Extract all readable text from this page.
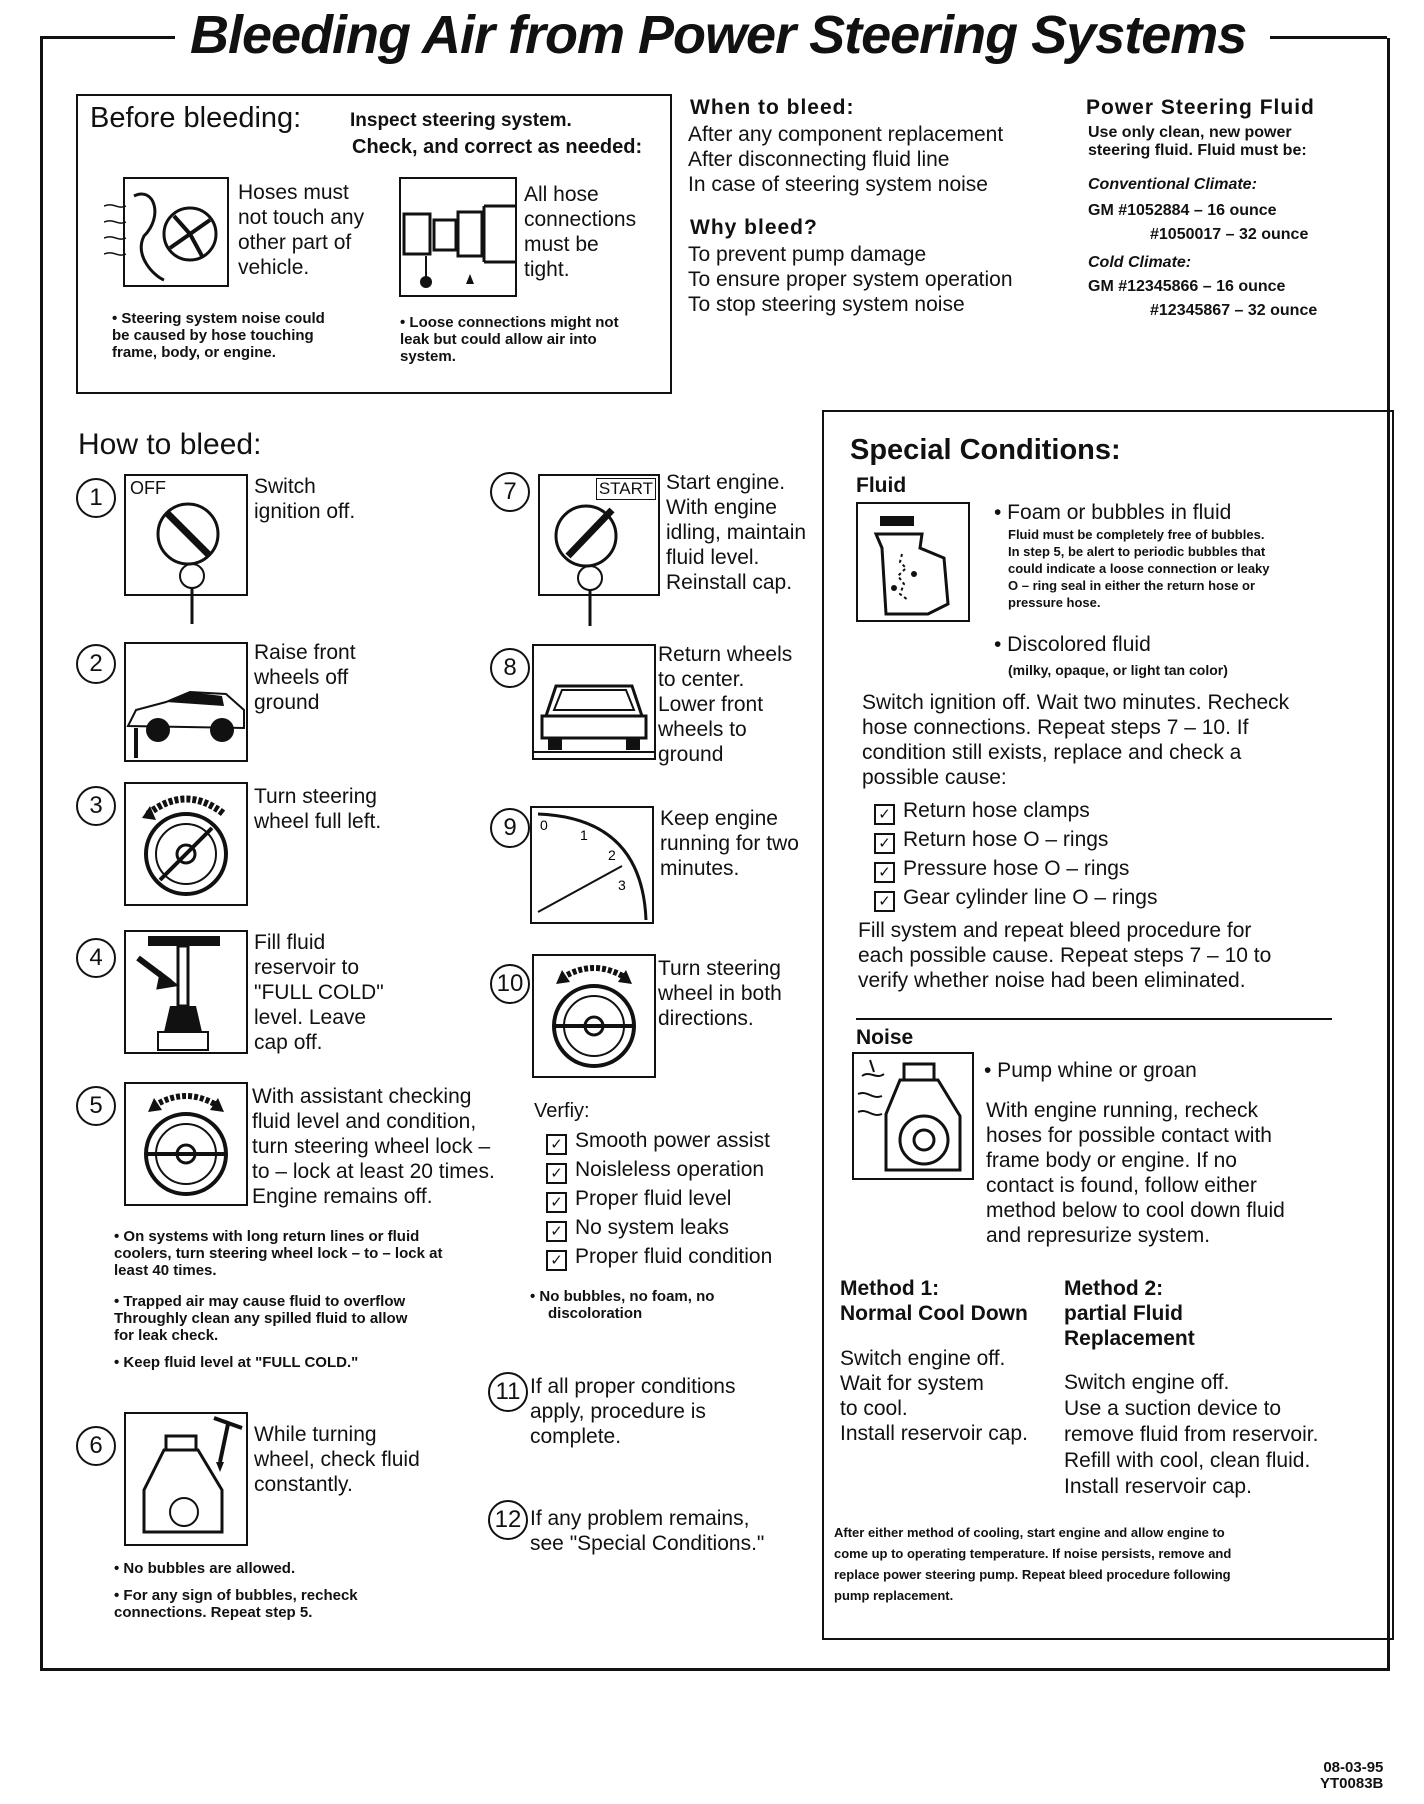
Bleeding Air from Power Steering Systems
Before bleeding:	Inspect steering system.
Check, and correct as needed:
Hoses must
not touch any
other part of
vehicle.
• Steering system noise could
be caused by hose touching
frame, body, or engine.
All hose
connections
must be
tight.
• Loose connections might not
leak but could allow air into
system.
When to bleed:
After any component replacement
After disconnecting fluid line
In case of steering system noise
Why bleed?
To prevent pump damage
To ensure proper system operation
To stop steering system noise
Power Steering Fluid
Use only clean, new power
steering fluid. Fluid must be:
Conventional Climate:
GM #1052884 – 16 ounce
#1050017 – 32 ounce
Cold Climate:
GM #12345866 – 16 ounce
#12345867 – 32 ounce
How to bleed:
1	OFF	Switch
ignition off.
2	Raise front
wheels off
ground
3	Turn steering
wheel full left.
4
Fill fluid
reservoir to
"FULL COLD"
level. Leave
cap off.
5	With assistant checking
fluid level and condition,
turn steering wheel lock –
to – lock at least 20 times.
Engine remains off.
• On systems with long return lines or fluid
coolers, turn steering wheel lock – to – lock at
least 40 times.
• Trapped air may cause fluid to overflow
Throughly clean any spilled fluid to allow
for leak check.
• Keep fluid level at "FULL COLD."
6	While turning
wheel, check fluid
constantly.
• No bubbles are allowed.
• For any sign of bubbles, recheck
connections. Repeat step 5.
7	START Start engine.
With engine
idling, maintain
fluid level.
Reinstall cap.
8	Return wheels
to center.
Lower front
wheels to
ground
9	0
1
2
3
Keep engine
running for two
minutes.
10
Turn steering
wheel in both
directions.
Verfiy:
✓ Smooth power assist
✓ Noisleless operation
✓ Proper fluid level
✓ No system leaks
✓ Proper fluid condition
• No bubbles, no foam, no
discoloration
11 If all proper conditions
apply, procedure is
complete.
12 If any problem remains,
see "Special Conditions."
Special Conditions:
Fluid
• Foam or bubbles in fluid
Fluid must be completely free of bubbles.
In step 5, be alert to periodic bubbles that
could indicate a loose connection or leaky
O – ring seal in either the return hose or
pressure hose.
• Discolored fluid
(milky, opaque, or light tan color)
Switch ignition off. Wait two minutes. Recheck
hose connections. Repeat steps 7 – 10. If
condition still exists, replace and check a
possible cause:
✓ Return hose clamps
✓ Return hose O – rings
✓ Pressure hose O – rings
✓ Gear cylinder line O – rings
Fill system and repeat bleed procedure for
each possible cause. Repeat steps 7 – 10 to
verify whether noise had been eliminated.
Noise
• Pump whine or groan
With engine running, recheck
hoses for possible contact with
frame body or engine. If no
contact is found, follow either
method below to cool down fluid
and represurize system.
Method 1:
Normal Cool Down
Switch engine off.
Wait for system
to cool.
Install reservoir cap.
Method 2:
partial Fluid
Replacement
Switch engine off.
Use a suction device to
remove fluid from reservoir.
Refill with cool, clean fluid.
Install reservoir cap.
After either method of cooling, start engine and allow engine to
come up to operating temperature. If noise persists, remove and
replace power steering pump. Repeat bleed procedure following
pump replacement.
08-03-95
YT0083B
